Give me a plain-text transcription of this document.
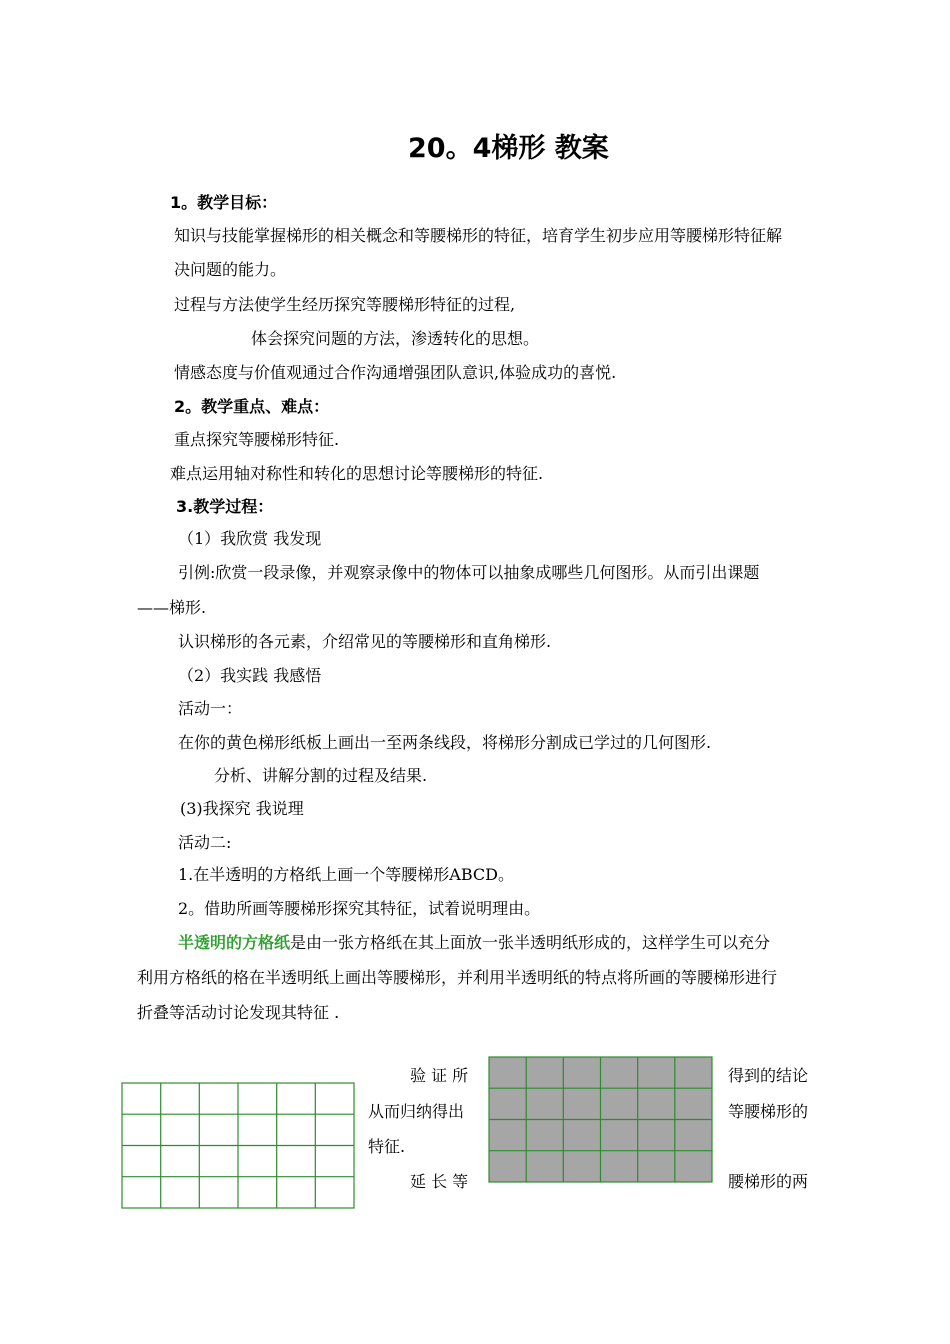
20。4梯形 教案
1。教学目标：
知识与技能掌握梯形的相关概念和等腰梯形的特征，培育学生初步应用等腰梯形特征解
决问题的能力。
过程与方法使学生经历探究等腰梯形特征的过程,
体会探究问题的方法，渗透转化的思想。
情感态度与价值观通过合作沟通增强团队意识,体验成功的喜悦.
2。教学重点、难点：
重点探究等腰梯形特征.
难点运用轴对称性和转化的思想讨论等腰梯形的特征.
3.教学过程：
（1）我欣赏 我发现
引例:欣赏一段录像，并观察录像中的物体可以抽象成哪些几何图形。从而引出课题
——梯形.
认识梯形的各元素，介绍常见的等腰梯形和直角梯形.
（2）我实践 我感悟
活动一：
在你的黄色梯形纸板上画出一至两条线段，将梯形分割成已学过的几何图形.
分析、讲解分割的过程及结果.
(3)我探究 我说理
活动二:
1.在半透明的方格纸上画一个等腰梯形ABCD。
2。借助所画等腰梯形探究其特征，试着说明理由。
半透明的方格纸是由一张方格纸在其上面放一张半透明纸形成的，这样学生可以充分
利用方格纸的格在半透明纸上画出等腰梯形，并利用半透明纸的特点将所画的等腰梯形进行
折叠等活动讨论发现其特征 .
验 证 所
从而归纳得出
特征.
延 长 等
得到的结论
等腰梯形的
腰梯形的两
